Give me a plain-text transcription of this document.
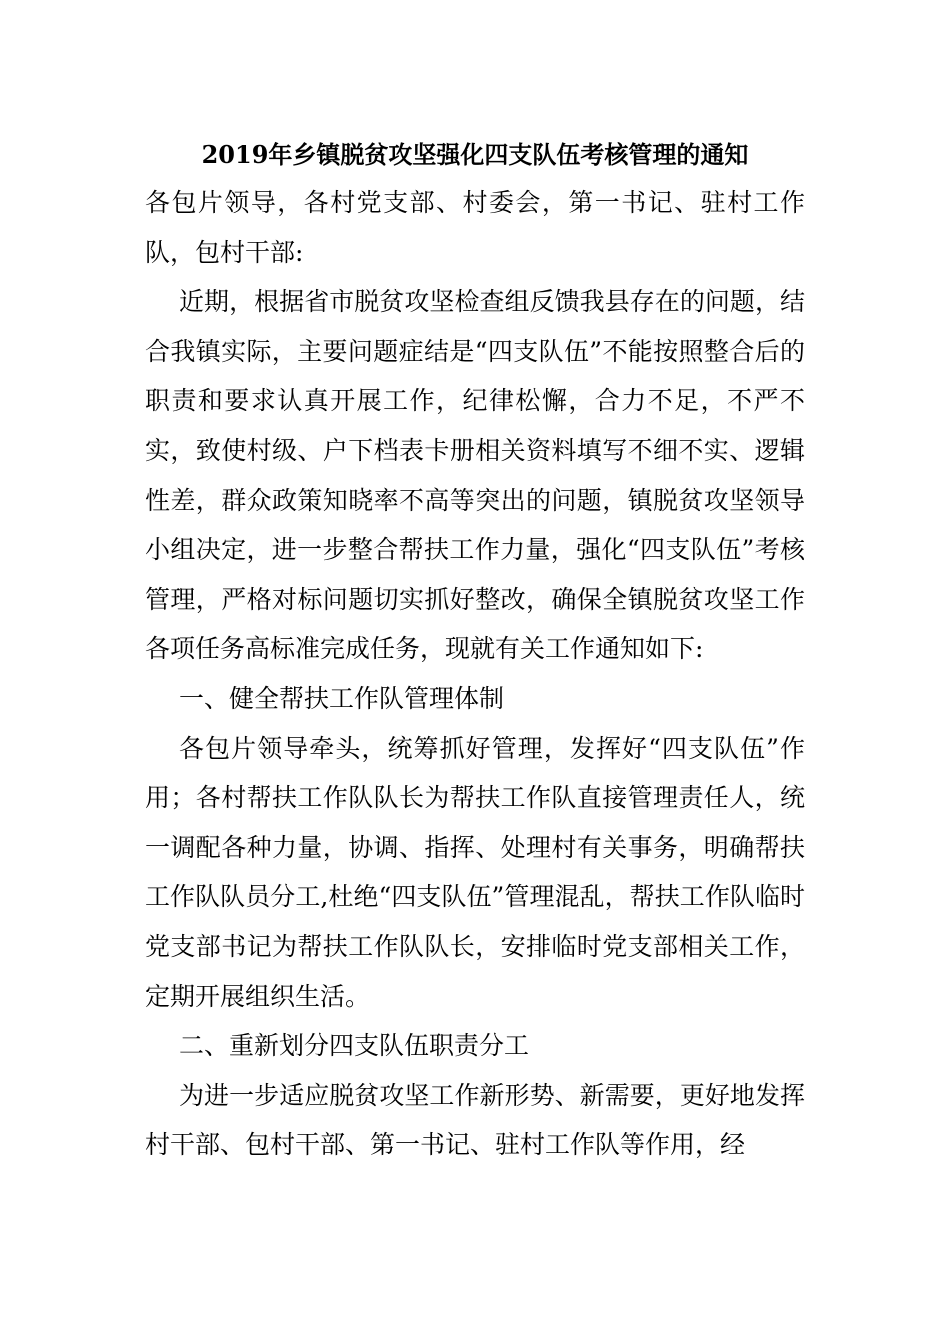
2019年乡镇脱贫攻坚强化四支队伍考核管理的通知

各包片领导，各村党支部、村委会，第一书记、驻村工作队，包村干部:

近期，根据省市脱贫攻坚检查组反馈我县存在的问题，结合我镇实际，主要问题症结是“四支队伍”不能按照整合后的职责和要求认真开展工作，纪律松懈，合力不足，不严不实，致使村级、户下档表卡册相关资料填写不细不实、逻辑性差，群众政策知晓率不高等突出的问题，镇脱贫攻坚领导小组决定，进一步整合帮扶工作力量，强化“四支队伍”考核管理，严格对标问题切实抓好整改，确保全镇脱贫攻坚工作各项任务高标准完成任务，现就有关工作通知如下:

一、健全帮扶工作队管理体制

各包片领导牵头，统筹抓好管理，发挥好“四支队伍”作用；各村帮扶工作队队长为帮扶工作队直接管理责任人，统一调配各种力量，协调、指挥、处理村有关事务，明确帮扶工作队队员分工,杜绝“四支队伍”管理混乱，帮扶工作队临时党支部书记为帮扶工作队队长，安排临时党支部相关工作，定期开展组织生活。

二、重新划分四支队伍职责分工

为进一步适应脱贫攻坚工作新形势、新需要，更好地发挥村干部、包村干部、第一书记、驻村工作队等作用，经
